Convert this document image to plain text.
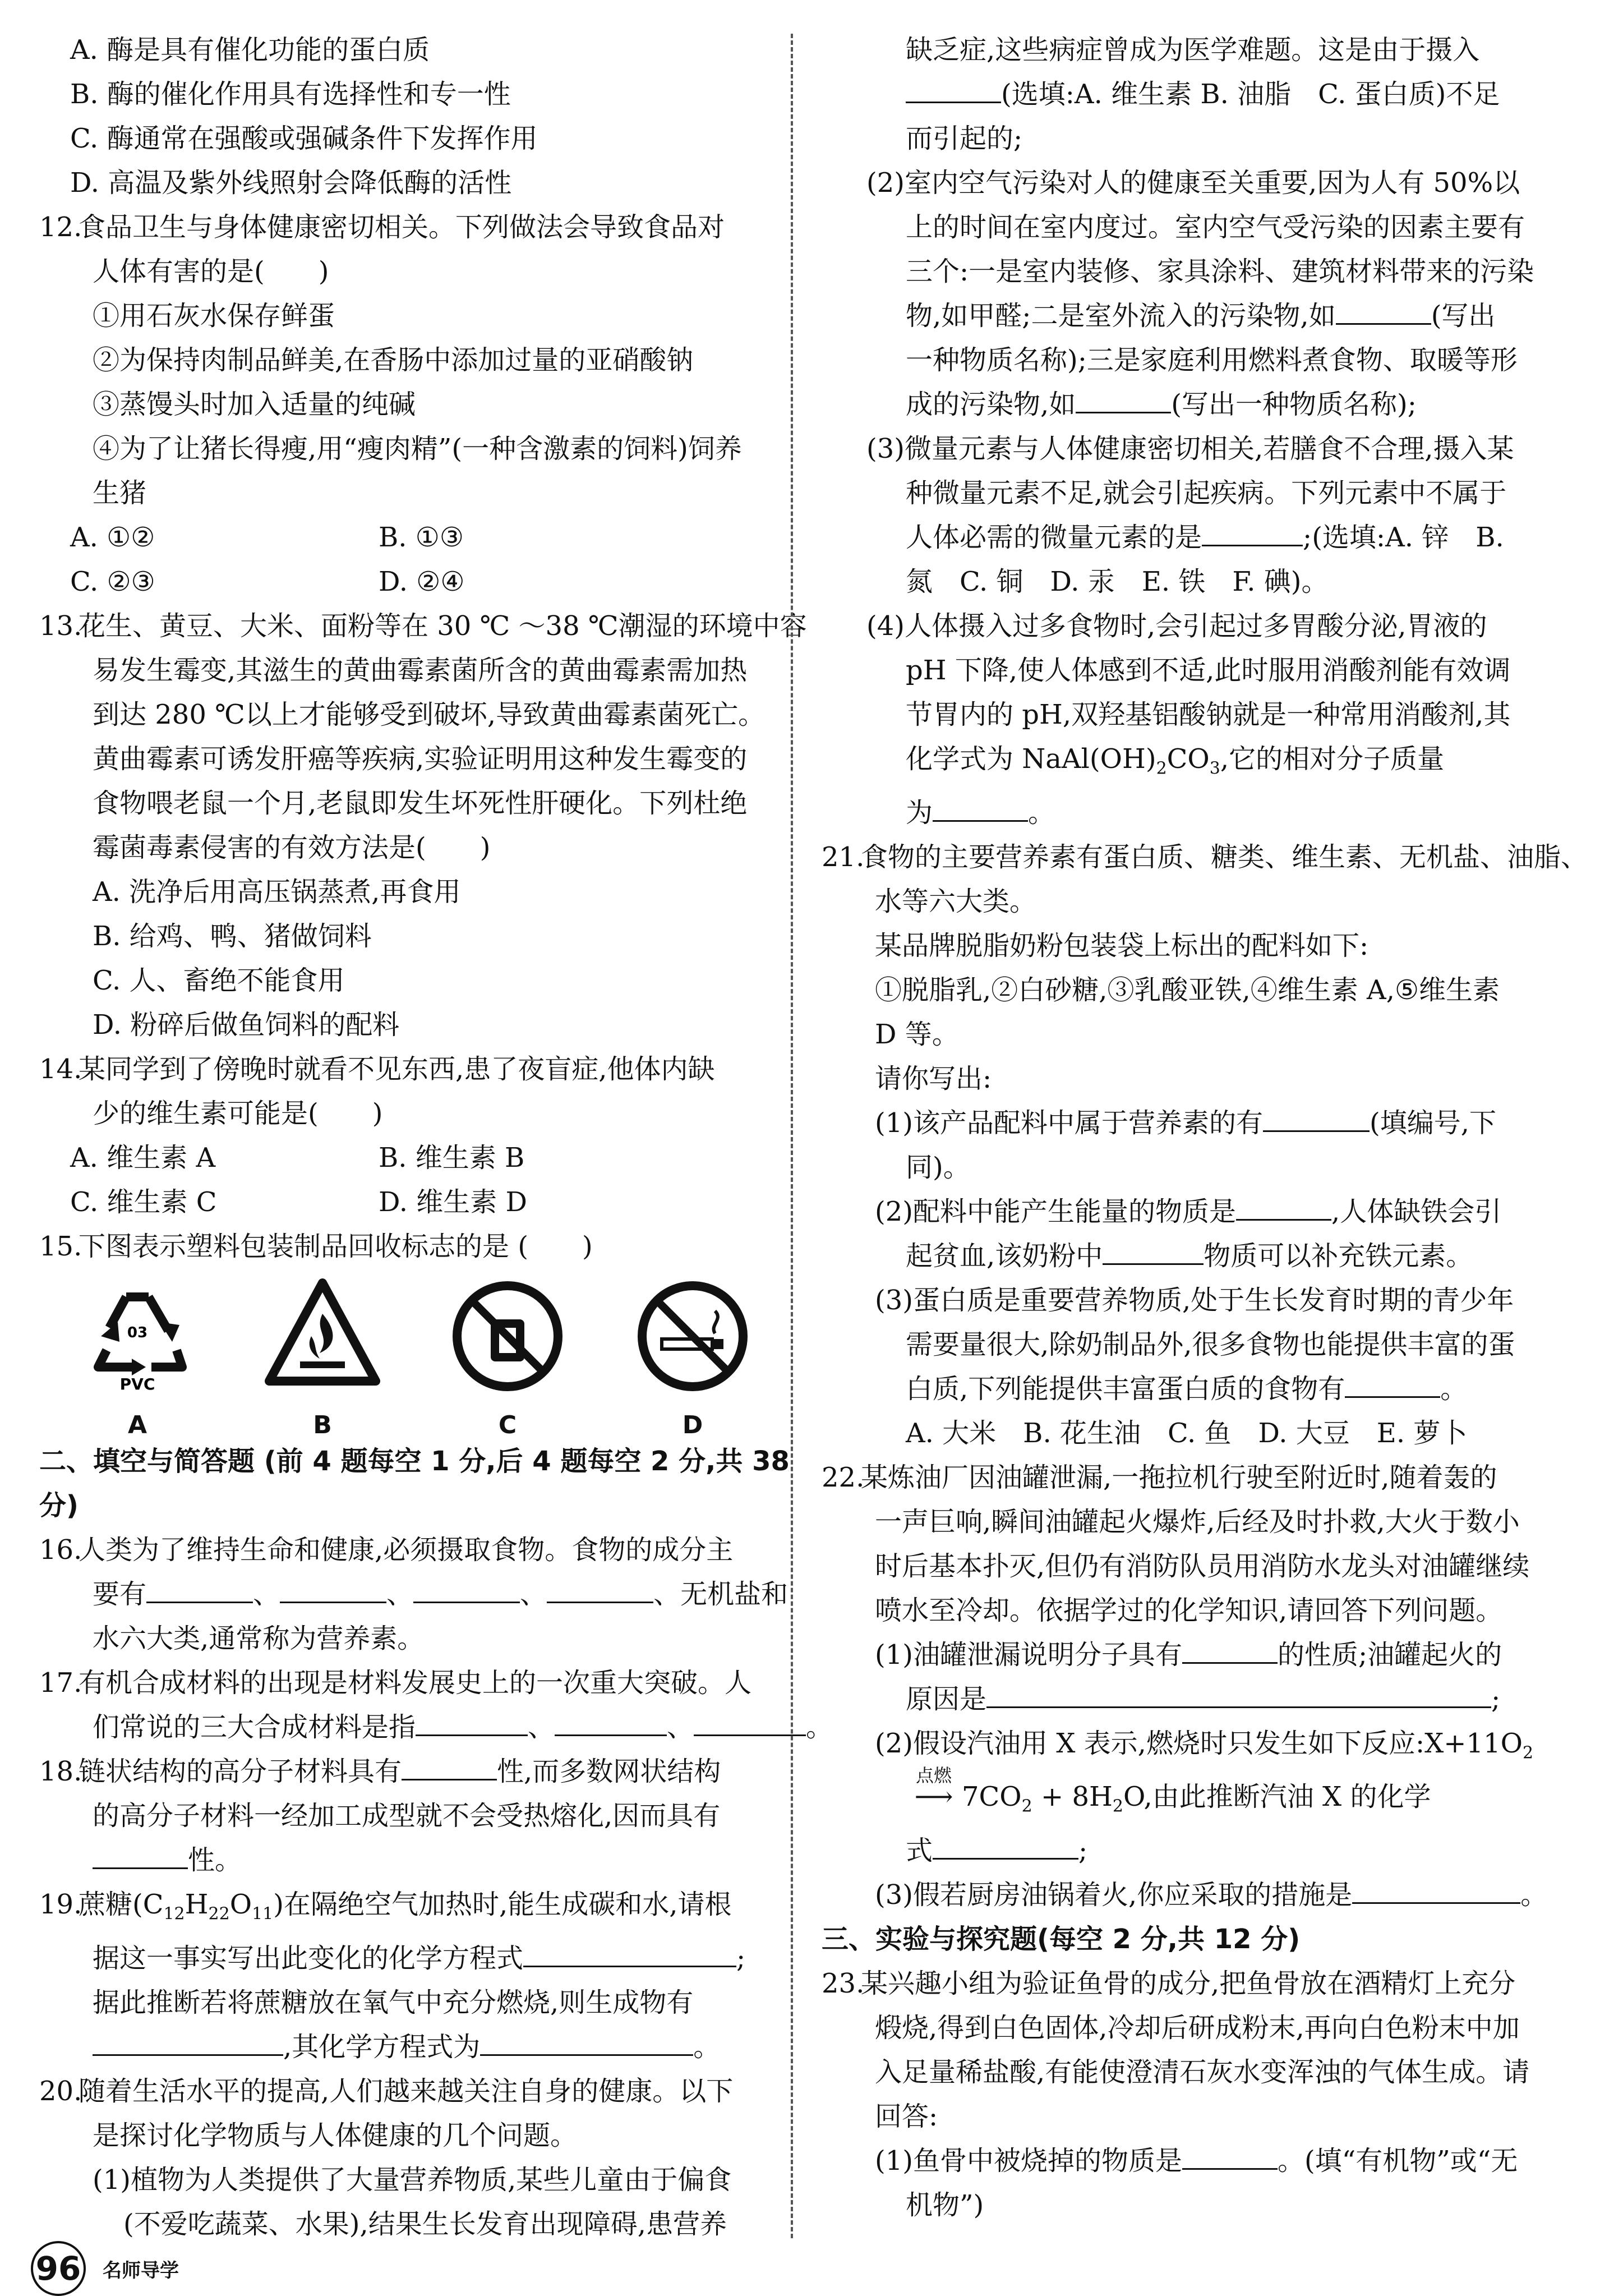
A. 酶是具有催化功能的蛋白质
B. 酶的催化作用具有选择性和专一性
C. 酶通常在强酸或强碱条件下发挥作用
D. 高温及紫外线照射会降低酶的活性
12.食品卫生与身体健康密切相关。下列做法会导致食品对
人体有害的是(　　)
①用石灰水保存鲜蛋
②为保持肉制品鲜美,在香肠中添加过量的亚硝酸钠
③蒸馒头时加入适量的纯碱
④为了让猪长得瘦,用“瘦肉精”(一种含激素的饲料)饲养
生猪
A. ①②	B. ①③
C. ②③	D. ②④
13.花生、黄豆、大米、面粉等在 30 ℃ ～38 ℃潮湿的环境中容
易发生霉变,其滋生的黄曲霉素菌所含的黄曲霉素需加热
到达 280 ℃以上才能够受到破坏,导致黄曲霉素菌死亡。
黄曲霉素可诱发肝癌等疾病,实验证明用这种发生霉变的
食物喂老鼠一个月,老鼠即发生坏死性肝硬化。下列杜绝
霉菌毒素侵害的有效方法是(　　)
A. 洗净后用高压锅蒸煮,再食用
B. 给鸡、鸭、猪做饲料
C. 人、畜绝不能食用
D. 粉碎后做鱼饲料的配料
14.某同学到了傍晚时就看不见东西,患了夜盲症,他体内缺
少的维生素可能是(　　)
A. 维生素 A	B. 维生素 B
C. 维生素 C	D. 维生素 D
15.下图表示塑料包装制品回收标志的是 (　　)
03
PVC
A	B	C	D
二、填空与简答题 (前 4 题每空 1 分,后 4 题每空 2 分,共 38
分)
16.人类为了维持生命和健康,必须摄取食物。食物的成分主
要有	、	、	、	、无机盐和
水六大类,通常称为营养素。
17.有机合成材料的出现是材料发展史上的一次重大突破。人
们常说的三大合成材料是指	、	、	。
18.链状结构的高分子材料具有	性,而多数网状结构
的高分子材料一经加工成型就不会受热熔化,因而具有
性。
19.蔗糖$(C_{12}H_{22}O_{11})$在隔绝空气加热时,能生成碳和水,请根
据这一事实写出此变化的化学方程式	;
据此推断若将蔗糖放在氧气中充分燃烧,则生成物有
,其化学方程式为	。
20.随着生活水平的提高,人们越来越关注自身的健康。以下
是探讨化学物质与人体健康的几个问题。
(1)植物为人类提供了大量营养物质,某些儿童由于偏食
(不爱吃蔬菜、水果),结果生长发育出现障碍,患营养
缺乏症,这些病症曾成为医学难题。这是由于摄入
(选填:A. 维生素 B. 油脂　C. 蛋白质)不足
而引起的;
(2)室内空气污染对人的健康至关重要,因为人有 50%以
上的时间在室内度过。室内空气受污染的因素主要有
三个:一是室内装修、家具涂料、建筑材料带来的污染
物,如甲醛;二是室外流入的污染物,如	(写出
一种物质名称);三是家庭利用燃料煮食物、取暖等形
成的污染物,如	(写出一种物质名称);
(3)微量元素与人体健康密切相关,若膳食不合理,摄入某
种微量元素不足,就会引起疾病。下列元素中不属于
人体必需的微量元素的是	;(选填:A. 锌　B.
氮　C. 铜　D. 汞　E. 铁　F. 碘)。
(4)人体摄入过多食物时,会引起过多胃酸分泌,胃液的
pH 下降,使人体感到不适,此时服用消酸剂能有效调
节胃内的 pH,双羟基铝酸钠就是一种常用消酸剂,其
化学式为 $NaAl(OH)_2CO_3$,它的相对分子质量
为	。
21.食物的主要营养素有蛋白质、糖类、维生素、无机盐、油脂、
水等六大类。
某品牌脱脂奶粉包装袋上标出的配料如下:
①脱脂乳,②白砂糖,③乳酸亚铁,④维生素 A,⑤维生素
D 等。
请你写出:
(1)该产品配料中属于营养素的有	(填编号,下
同)。
(2)配料中能产生能量的物质是	,人体缺铁会引
起贫血,该奶粉中	物质可以补充铁元素。
(3)蛋白质是重要营养物质,处于生长发育时期的青少年
需要量很大,除奶制品外,很多食物也能提供丰富的蛋
白质,下列能提供丰富蛋白质的食物有	。
A. 大米　B. 花生油　C. 鱼　D. 大豆　E. 萝卜
22.某炼油厂因油罐泄漏,一拖拉机行驶至附近时,随着轰的
一声巨响,瞬间油罐起火爆炸,后经及时扑救,大火于数小
时后基本扑灭,但仍有消防队员用消防水龙头对油罐继续
喷水至冷却。依据学过的化学知识,请回答下列问题。
(1)油罐泄漏说明分子具有	的性质;油罐起火的
原因是	;
(2)假设汽油用 X 表示,燃烧时只发生如下反应$:X+11O_2$
点燃
⟶ $7CO_2 + 8H_2O$,由此推断汽油 X 的化学
式	;
(3)假若厨房油锅着火,你应采取的措施是	。
三、实验与探究题(每空 2 分,共 12 分)
23.某兴趣小组为验证鱼骨的成分,把鱼骨放在酒精灯上充分
煅烧,得到白色固体,冷却后研成粉末,再向白色粉末中加
入足量稀盐酸,有能使澄清石灰水变浑浊的气体生成。请
回答:
(1)鱼骨中被烧掉的物质是	。(填“有机物”或“无
机物”)
96 名师导学
